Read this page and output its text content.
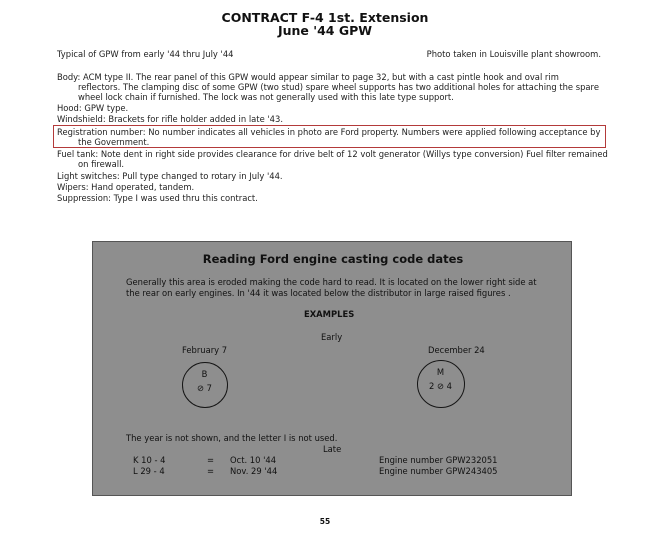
CONTRACT F-4 1st. Extension
June '44 GPW
Typical of GPW from early '44 thru July '44	Photo taken in Louisville plant showroom.
Body: ACM type II. The rear panel of this GPW would appear similar to page 32, but with a cast pintle hook and oval rim
reflectors. The clamping disc of some GPW (two stud) spare wheel supports has two additional holes for attaching the spare
wheel lock chain if furnished. The lock was not generally used with this late type support.
Hood: GPW type.
Windshield: Brackets for rifle holder added in late '43.
Registration number: No number indicates all vehicles in photo are Ford property. Numbers were applied following acceptance by
the Government.
Fuel tank: Note dent in right side provides clearance for drive belt of 12 volt generator (Willys type conversion) Fuel filter remained
on firewall.
Light switches: Pull type changed to rotary in July '44.
Wipers: Hand operated, tandem.
Suppression: Type I was used thru this contract.
Reading Ford engine casting code dates
Generally this area is eroded making the code hard to read. It is located on the lower right side at
the rear on early engines. In '44 it was located below the distributor in large raised figures .
EXAMPLES
Early
February 7	December 24
B
⊘ 7
M
2 ⊘ 4
The year is not shown, and the letter I is not used.
Late
K 10 - 4	= Oct. 10 '44	Engine number GPW232051
L 29 - 4	= Nov. 29 '44	Engine number GPW243405
55
